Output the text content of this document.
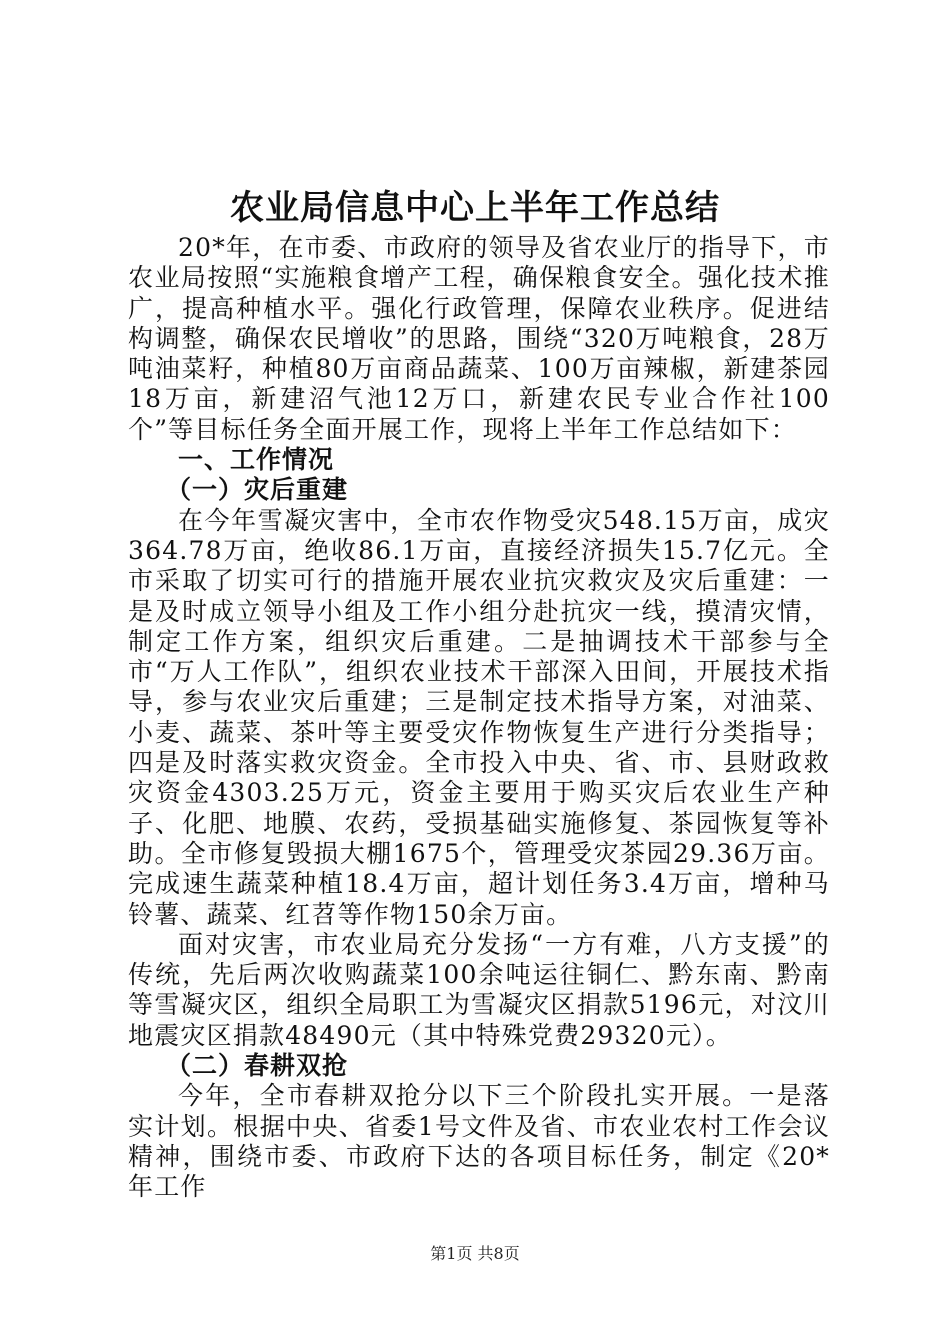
农业局信息中心上半年工作总结

20*年，在市委、市政府的领导及省农业厅的指导下，市农业局按照“实施粮食增产工程，确保粮食安全。强化技术推广，提高种植水平。强化行政管理，保障农业秩序。促进结构调整，确保农民增收”的思路，围绕“320万吨粮食，28万吨油菜籽，种植80万亩商品蔬菜、100万亩辣椒，新建茶园18万亩，新建沼气池12万口，新建农民专业合作社100个”等目标任务全面开展工作，现将上半年工作总结如下：

一、工作情况

（一）灾后重建

在今年雪凝灾害中，全市农作物受灾548.15万亩，成灾364.78万亩，绝收86.1万亩，直接经济损失15.7亿元。全市采取了切实可行的措施开展农业抗灾救灾及灾后重建：一是及时成立领导小组及工作小组分赴抗灾一线，摸清灾情，制定工作方案，组织灾后重建。二是抽调技术干部参与全市“万人工作队”，组织农业技术干部深入田间，开展技术指导，参与农业灾后重建；三是制定技术指导方案，对油菜、小麦、蔬菜、茶叶等主要受灾作物恢复生产进行分类指导；四是及时落实救灾资金。全市投入中央、省、市、县财政救灾资金4303.25万元，资金主要用于购买灾后农业生产种子、化肥、地膜、农药，受损基础实施修复、茶园恢复等补助。全市修复毁损大棚1675个，管理受灾茶园29.36万亩。完成速生蔬菜种植18.4万亩，超计划任务3.4万亩，增种马铃薯、蔬菜、红苕等作物150余万亩。

面对灾害，市农业局充分发扬“一方有难，八方支援”的传统，先后两次收购蔬菜100余吨运往铜仁、黔东南、黔南等雪凝灾区，组织全局职工为雪凝灾区捐款5196元，对汶川地震灾区捐款48490元（其中特殊党费29320元）。

（二）春耕双抢

今年，全市春耕双抢分以下三个阶段扎实开展。一是落实计划。根据中央、省委1号文件及省、市农业农村工作会议精神，围绕市委、市政府下达的各项目标任务，制定《20*年工作

第1页 共8页
